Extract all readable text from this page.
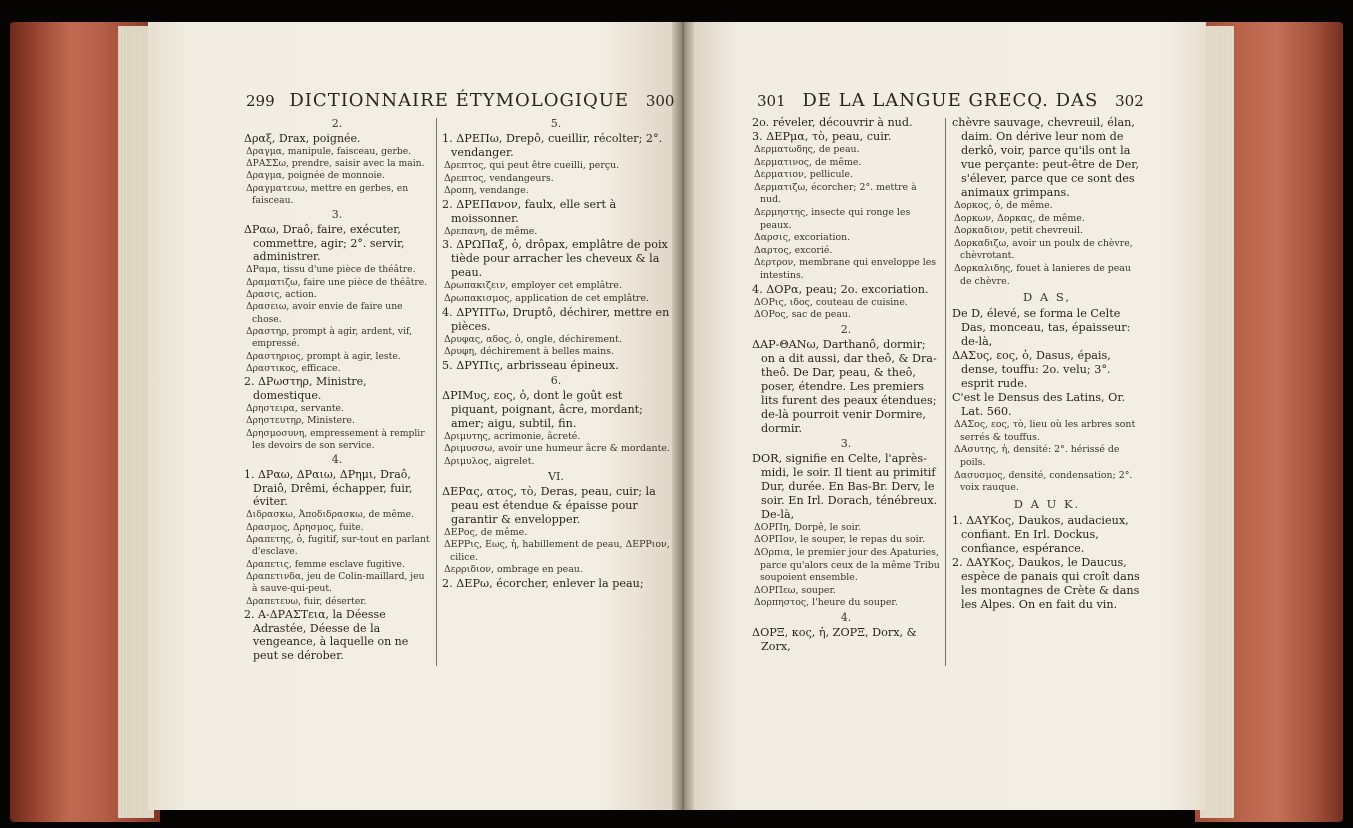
299 DICTIONNAIRE ÉTYMOLOGIQUE 300	301 DE LA LANGUE GRECQ. DAS 302

2.

Δραξ, Drax, poignée.

Δραγμα, manipule, faisceau, gerbe.

ΔΡΑΣΣω, prendre, saisir avec la main.

Δραγμα, poignée de monnoie.

Δραγματευω, mettre en gerbes, en faisceau.

3.

ΔΡαω, Draô, faire, exécuter, commettre, agir; 2°. servir, administrer.

ΔΡαμα, tissu d'une pièce de théâtre.

Δραματιζω, faire une pièce de théâtre.

Δρασις, action.

Δρασειω, avoir envie de faire une chose.

Δραστηρ, prompt à agir, ardent, vif, empressé.

Δραστηριος, prompt à agir, leste.

Δραστικος, efficace.

2. ΔΡωστηρ, Ministre, domestique.

Δρηστειρα, servante.

Δρηστευτηρ, Ministere.

Δρησμοσυνη, empressement à remplir les devoirs de son service.

4.

1. ΔΡαω, ΔΡαιω, ΔΡημι, Draô, Draiô, Drêmi, échapper, fuir, éviter.

Διδρασκω, Ἀποδιδρασκω, de même.

Δρασμος, Δρησμος, fuite.

Δραπετης, ὁ, fugitif, sur-tout en parlant d'esclave.

Δραπετις, femme esclave fugitive.

Δραπετινδα, jeu de Colin-maillard, jeu à sauve-qui-peut.

Δραπετευω, fuir, déserter.

2. Α-ΔΡΑΣΤεια, la Déesse Adrastée, Déesse de la vengeance, à laquelle on ne peut se dérober.

5.

1. ΔΡΕΠω, Drepô, cueillir, récolter; 2°. vendanger.

Δρεπτος, qui peut être cueilli, perçu.

Δρεπτος, vendangeurs.

Δροπη, vendange.

2. ΔΡΕΠανον, faulx, elle sert à moissonner.

Δρεπανη, de même.

3. ΔΡΩΠαξ, ὁ, drôpax, emplâtre de poix tiède pour arracher les cheveux & la peau.

Δρωπακιζειν, employer cet emplâtre.

Δρωπακισμος, application de cet emplâtre.

4. ΔΡΥΠΤω, Druptô, déchirer, mettre en pièces.

Δρυφας, αδος, ὁ, ongle, déchirement.

Δρυφη, déchirement à belles mains.

5. ΔΡΥΠις, arbrisseau épineux.

6.

ΔΡΙΜυς, εος, ὁ, dont le goût est piquant, poignant, âcre, mordant; amer; aigu, subtil, fin.

Δριμυτης, acrimonie, âcreté.

Δριμυσσω, avoir une humeur âcre & mordante.

Δριμυλος, aigrelet.

VI.

ΔΕΡας, ατος, τὸ, Deras, peau, cuir; la peau est étendue & épaisse pour garantir & envelopper.

ΔΕΡος, de même.

ΔΕΡΡις, Εως, ἡ, habillement de peau, ΔΕΡΡιον, cilice.

Δερριδιον, ombrage en peau.

2. ΔΕΡω, écorcher, enlever la peau;

2o. réveler, découvrir à nud.

3. ΔΕΡμα, τὸ, peau, cuir.

Δερματωδης, de peau.

Δερματινος, de même.

Δερματιον, pellicule.

Δερματιζω, écorcher; 2°. mettre à nud.

Δερμηστης, insecte qui ronge les peaux.

Δαρσις, excoriation.

Δαρτος, excorié.

Δερτρον, membrane qui enveloppe les intestins.

4. ΔΟΡα, peau; 2o. excoriation.

ΔΟΡις, ιδος, couteau de cuisine.

ΔΟΡος, sac de peau.

2.

ΔΑΡ-ΘΑΝω, Darthanô, dormir; on a dit aussi, dar theô, & Dra-theô. De Dar, peau, & theô, poser, étendre. Les premiers lits furent des peaux étendues; de-là pourroit venir Dormire, dormir.

3.

DOR, signifie en Celte, l'après-midi, le soir. Il tient au primitif Dur, durée. En Bas-Br. Derv, le soir. En Irl. Dorach, ténébreux. De-là,

ΔΟΡΠη, Dorpê, le soir.

ΔΟΡΠον, le souper, le repas du soir.

ΔΟρπια, le premier jour des Apaturies, parce qu'alors ceux de la même Tribu soupoient ensemble.

ΔΟΡΠεω, souper.

Δορπηστος, l'heure du souper.

4.

ΔΟΡΞ, κος, ἡ, ΖΟΡΞ, Dorx, & Zorx,

chèvre sauvage, chevreuil, élan, daim. On dérive leur nom de derkô, voir, parce qu'ils ont la vue perçante: peut-être de Der, s'élever, parce que ce sont des animaux grimpans.

Δορκος, ὁ, de même.

Δορκων, Δορκας, de même.

Δορκαδιον, petit chevreuil.

Δορκαδιζω, avoir un poulx de chèvre, chèvrotant.

Δορκαλιδης, fouet à lanieres de peau de chèvre.

D A S,

De D, élevé, se forma le Celte Das, monceau, tas, épaisseur: de-là,

ΔΑΣυς, εος, ὁ, Dasus, épais, dense, touffu: 2o. velu; 3°. esprit rude.

C'est le Densus des Latins, Or. Lat. 560.

ΔΑΣος, εος, τὸ, lieu où les arbres sont serrés & touffus.

ΔΑσυτης, ἡ, densité: 2°. hérissé de poils.

Δασυσμος, densité, condensation; 2°. voix rauque.

D A U K.

1. ΔΑΥΚος, Daukos, audacieux, confiant. En Irl. Dockus, confiance, espérance.

2. ΔΑΥΚος, Daukos, le Daucus, espèce de panais qui croît dans les montagnes de Crète & dans les Alpes. On en fait du vin.
